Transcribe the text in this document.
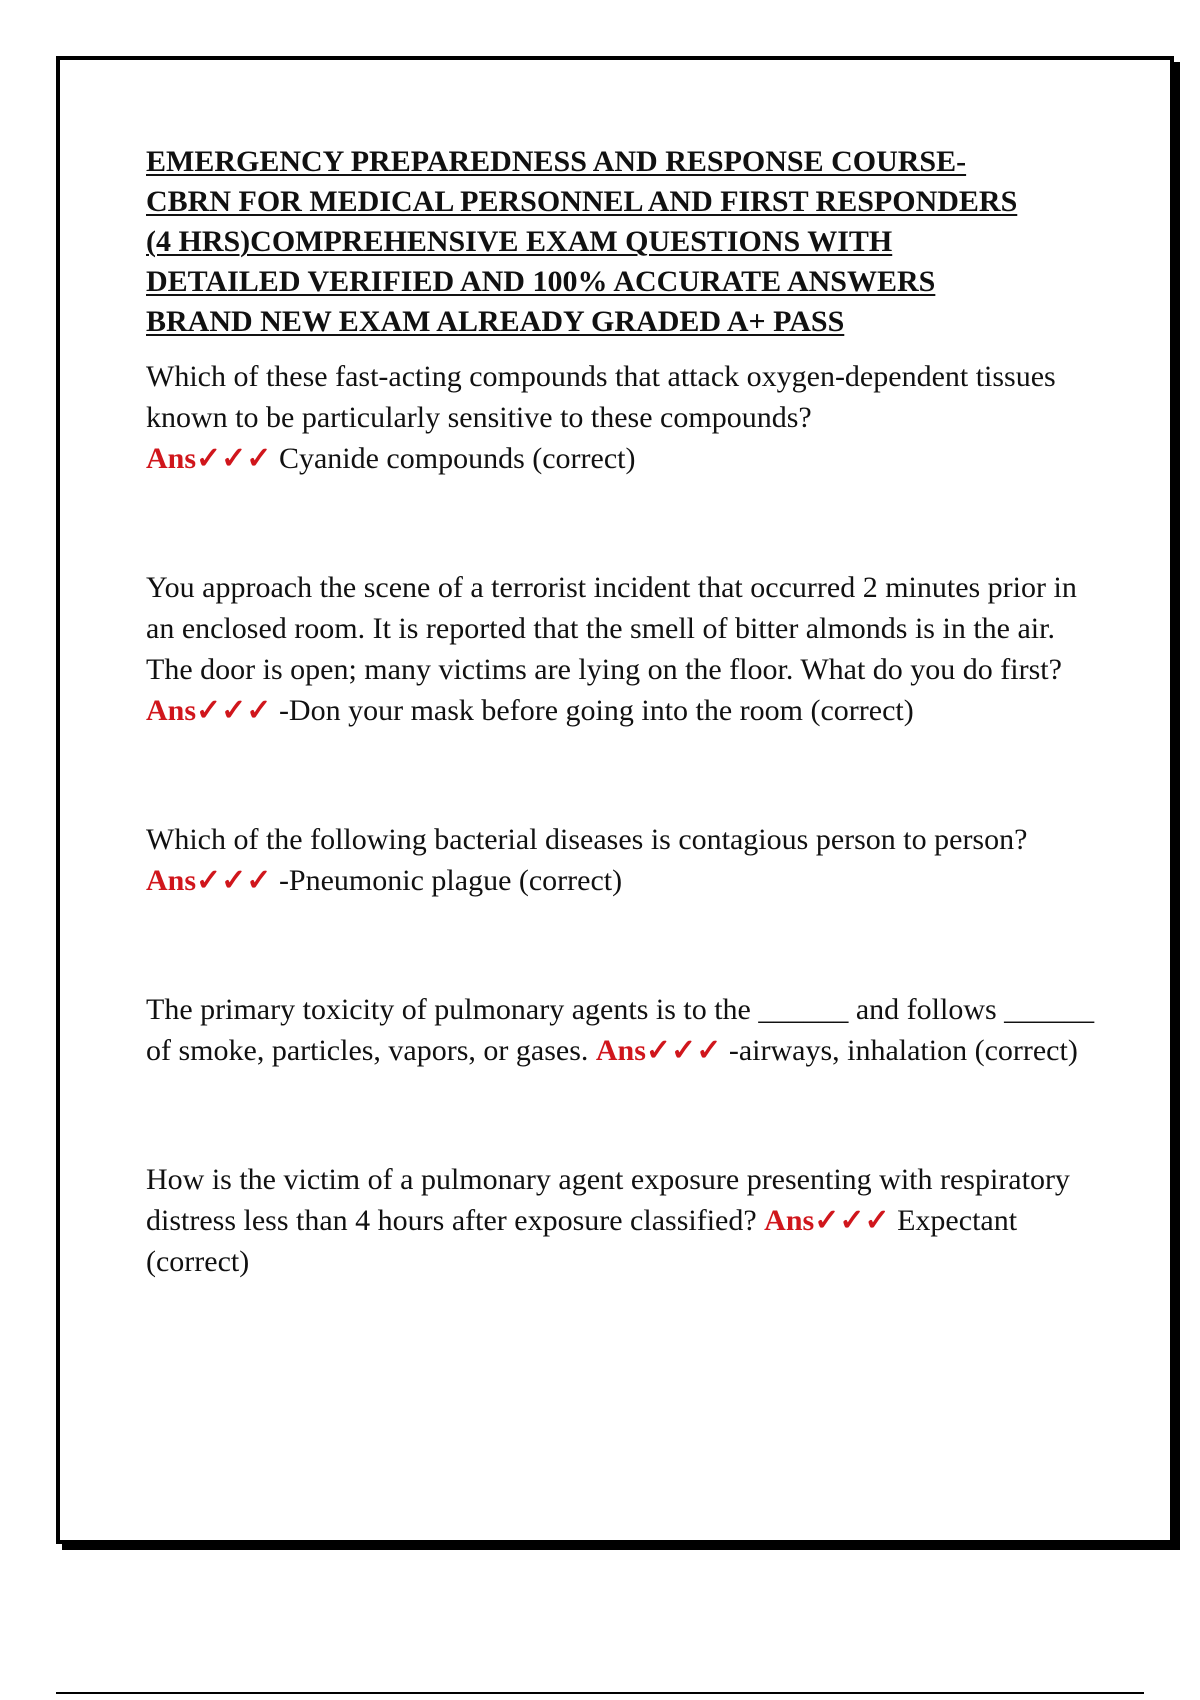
EMERGENCY PREPAREDNESS AND RESPONSE COURSE-
CBRN FOR MEDICAL PERSONNEL AND FIRST RESPONDERS
(4 HRS)COMPREHENSIVE EXAM QUESTIONS WITH
DETAILED VERIFIED AND 100% ACCURATE ANSWERS
BRAND NEW EXAM ALREADY GRADED A+ PASS

Which of these fast-acting compounds that attack oxygen-dependent tissues known to be particularly sensitive to these compounds?
Ans✓✓✓ Cyanide compounds (correct)

You approach the scene of a terrorist incident that occurred 2 minutes prior in an enclosed room. It is reported that the smell of bitter almonds is in the air. The door is open; many victims are lying on the floor. What do you do first? Ans✓✓✓ -Don your mask before going into the room (correct)

Which of the following bacterial diseases is contagious person to person? Ans✓✓✓ -Pneumonic plague (correct)

The primary toxicity of pulmonary agents is to the ______ and follows ______ of smoke, particles, vapors, or gases. Ans✓✓✓ -airways, inhalation (correct)

How is the victim of a pulmonary agent exposure presenting with respiratory distress less than 4 hours after exposure classified? Ans✓✓✓ Expectant (correct)
